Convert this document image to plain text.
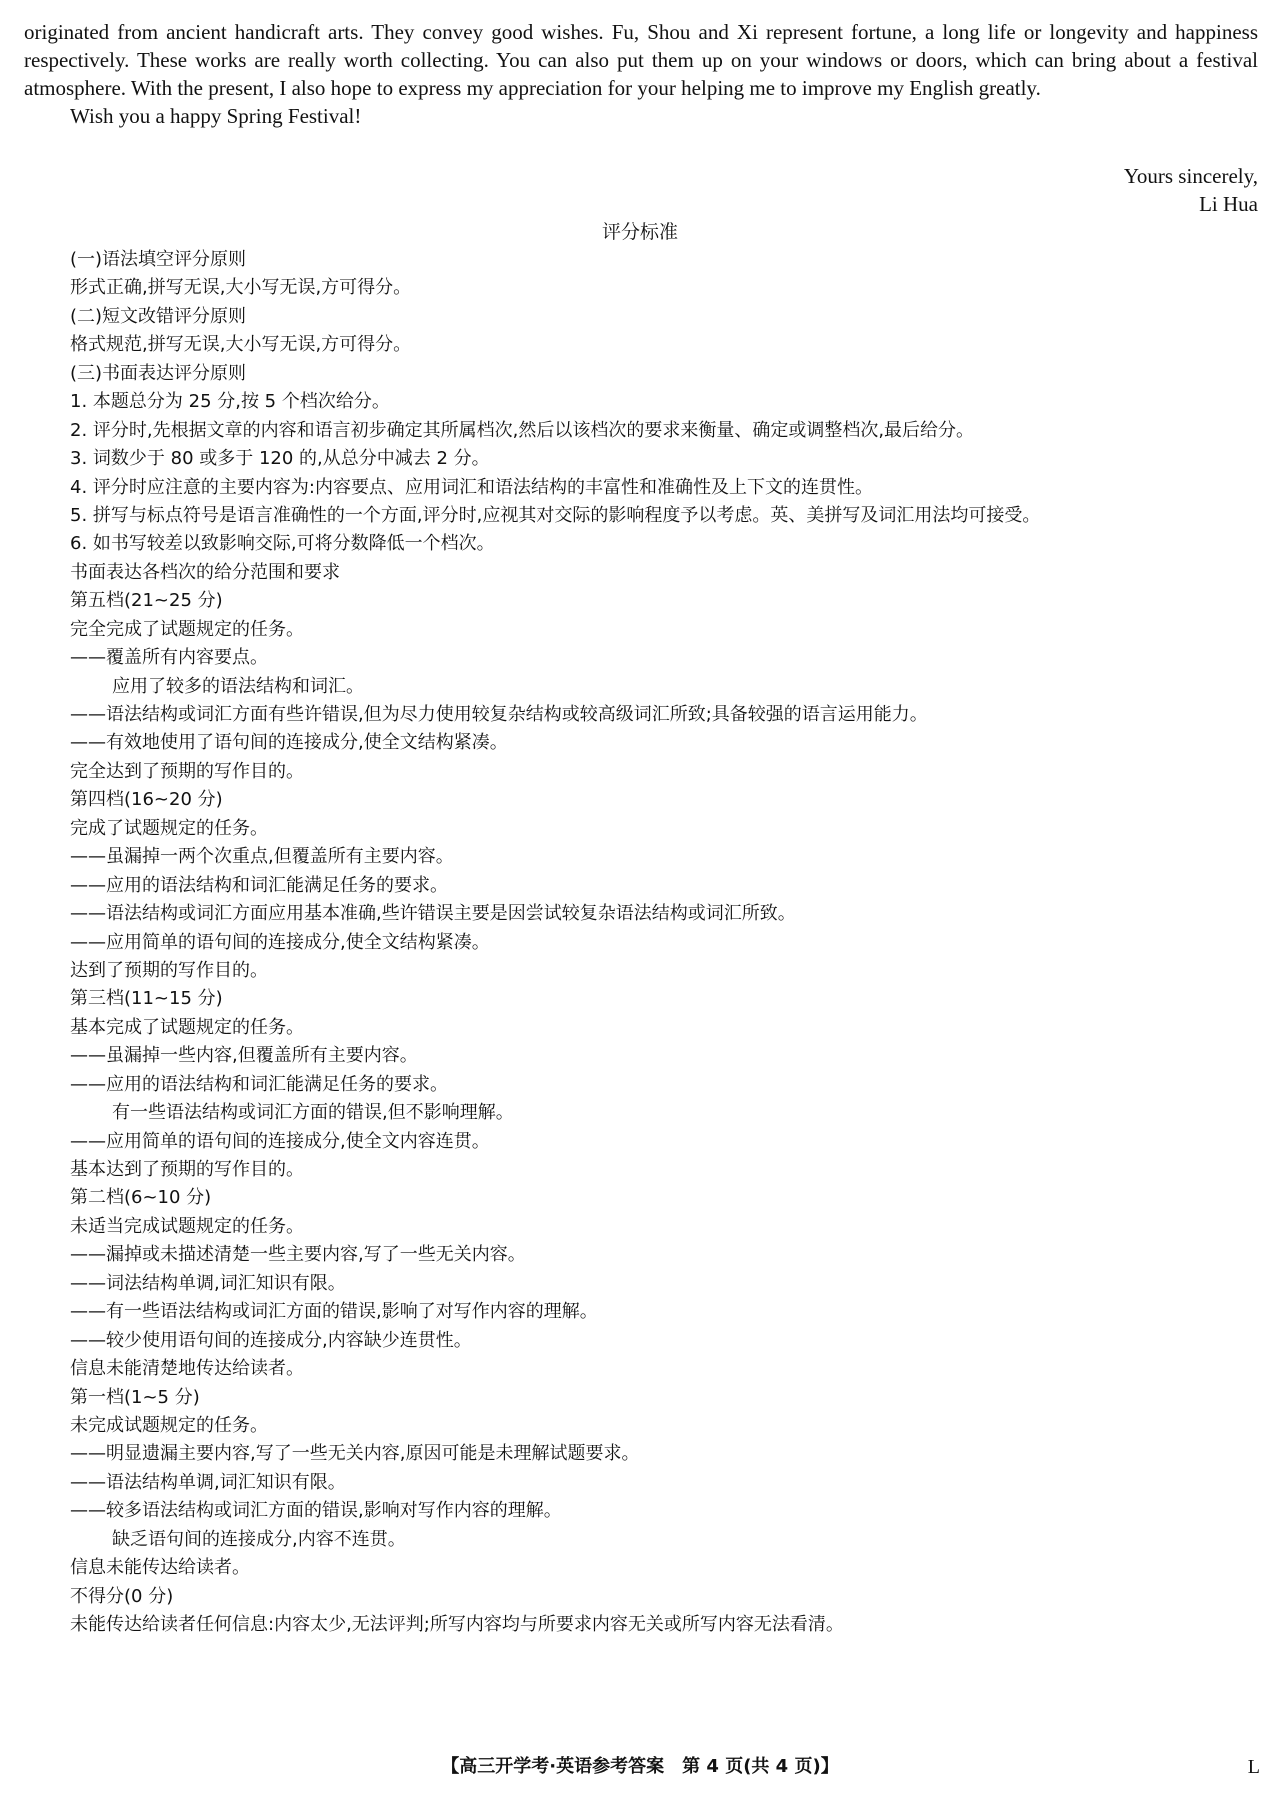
originated from ancient handicraft arts. They convey good wishes. Fu, Shou and Xi represent fortune, a long life or longevity and happiness respectively. These works are really worth collecting. You can also put them up on your windows or doors, which can bring about a festival atmosphere. With the present, I also hope to express my appreciation for your helping me to improve my English greatly.

Wish you a happy Spring Festival!

Yours sincerely,
Li Hua
评分标准
(一)语法填空评分原则
形式正确,拼写无误,大小写无误,方可得分。
(二)短文改错评分原则
格式规范,拼写无误,大小写无误,方可得分。
(三)书面表达评分原则
1. 本题总分为 25 分,按 5 个档次给分。
2. 评分时,先根据文章的内容和语言初步确定其所属档次,然后以该档次的要求来衡量、确定或调整档次,最后给分。
3. 词数少于 80 或多于 120 的,从总分中减去 2 分。
4. 评分时应注意的主要内容为:内容要点、应用词汇和语法结构的丰富性和准确性及上下文的连贯性。
5. 拼写与标点符号是语言准确性的一个方面,评分时,应视其对交际的影响程度予以考虑。英、美拼写及词汇用法均可接受。
6. 如书写较差以致影响交际,可将分数降低一个档次。
书面表达各档次的给分范围和要求
第五档(21~25 分)
完全完成了试题规定的任务。
——覆盖所有内容要点。
应用了较多的语法结构和词汇。
——语法结构或词汇方面有些许错误,但为尽力使用较复杂结构或较高级词汇所致;具备较强的语言运用能力。
——有效地使用了语句间的连接成分,使全文结构紧凑。
完全达到了预期的写作目的。
第四档(16~20 分)
完成了试题规定的任务。
——虽漏掉一两个次重点,但覆盖所有主要内容。
——应用的语法结构和词汇能满足任务的要求。
——语法结构或词汇方面应用基本准确,些许错误主要是因尝试较复杂语法结构或词汇所致。
——应用简单的语句间的连接成分,使全文结构紧凑。
达到了预期的写作目的。
第三档(11~15 分)
基本完成了试题规定的任务。
——虽漏掉一些内容,但覆盖所有主要内容。
——应用的语法结构和词汇能满足任务的要求。
有一些语法结构或词汇方面的错误,但不影响理解。
——应用简单的语句间的连接成分,使全文内容连贯。
基本达到了预期的写作目的。
第二档(6~10 分)
未适当完成试题规定的任务。
——漏掉或未描述清楚一些主要内容,写了一些无关内容。
——词法结构单调,词汇知识有限。
——有一些语法结构或词汇方面的错误,影响了对写作内容的理解。
——较少使用语句间的连接成分,内容缺少连贯性。
信息未能清楚地传达给读者。
第一档(1~5 分)
未完成试题规定的任务。
——明显遗漏主要内容,写了一些无关内容,原因可能是未理解试题要求。
——语法结构单调,词汇知识有限。
——较多语法结构或词汇方面的错误,影响对写作内容的理解。
缺乏语句间的连接成分,内容不连贯。
信息未能传达给读者。
不得分(0 分)
未能传达给读者任何信息:内容太少,无法评判;所写内容均与所要求内容无关或所写内容无法看清。
【高三开学考·英语参考答案　第 4 页(共 4 页)】	L
